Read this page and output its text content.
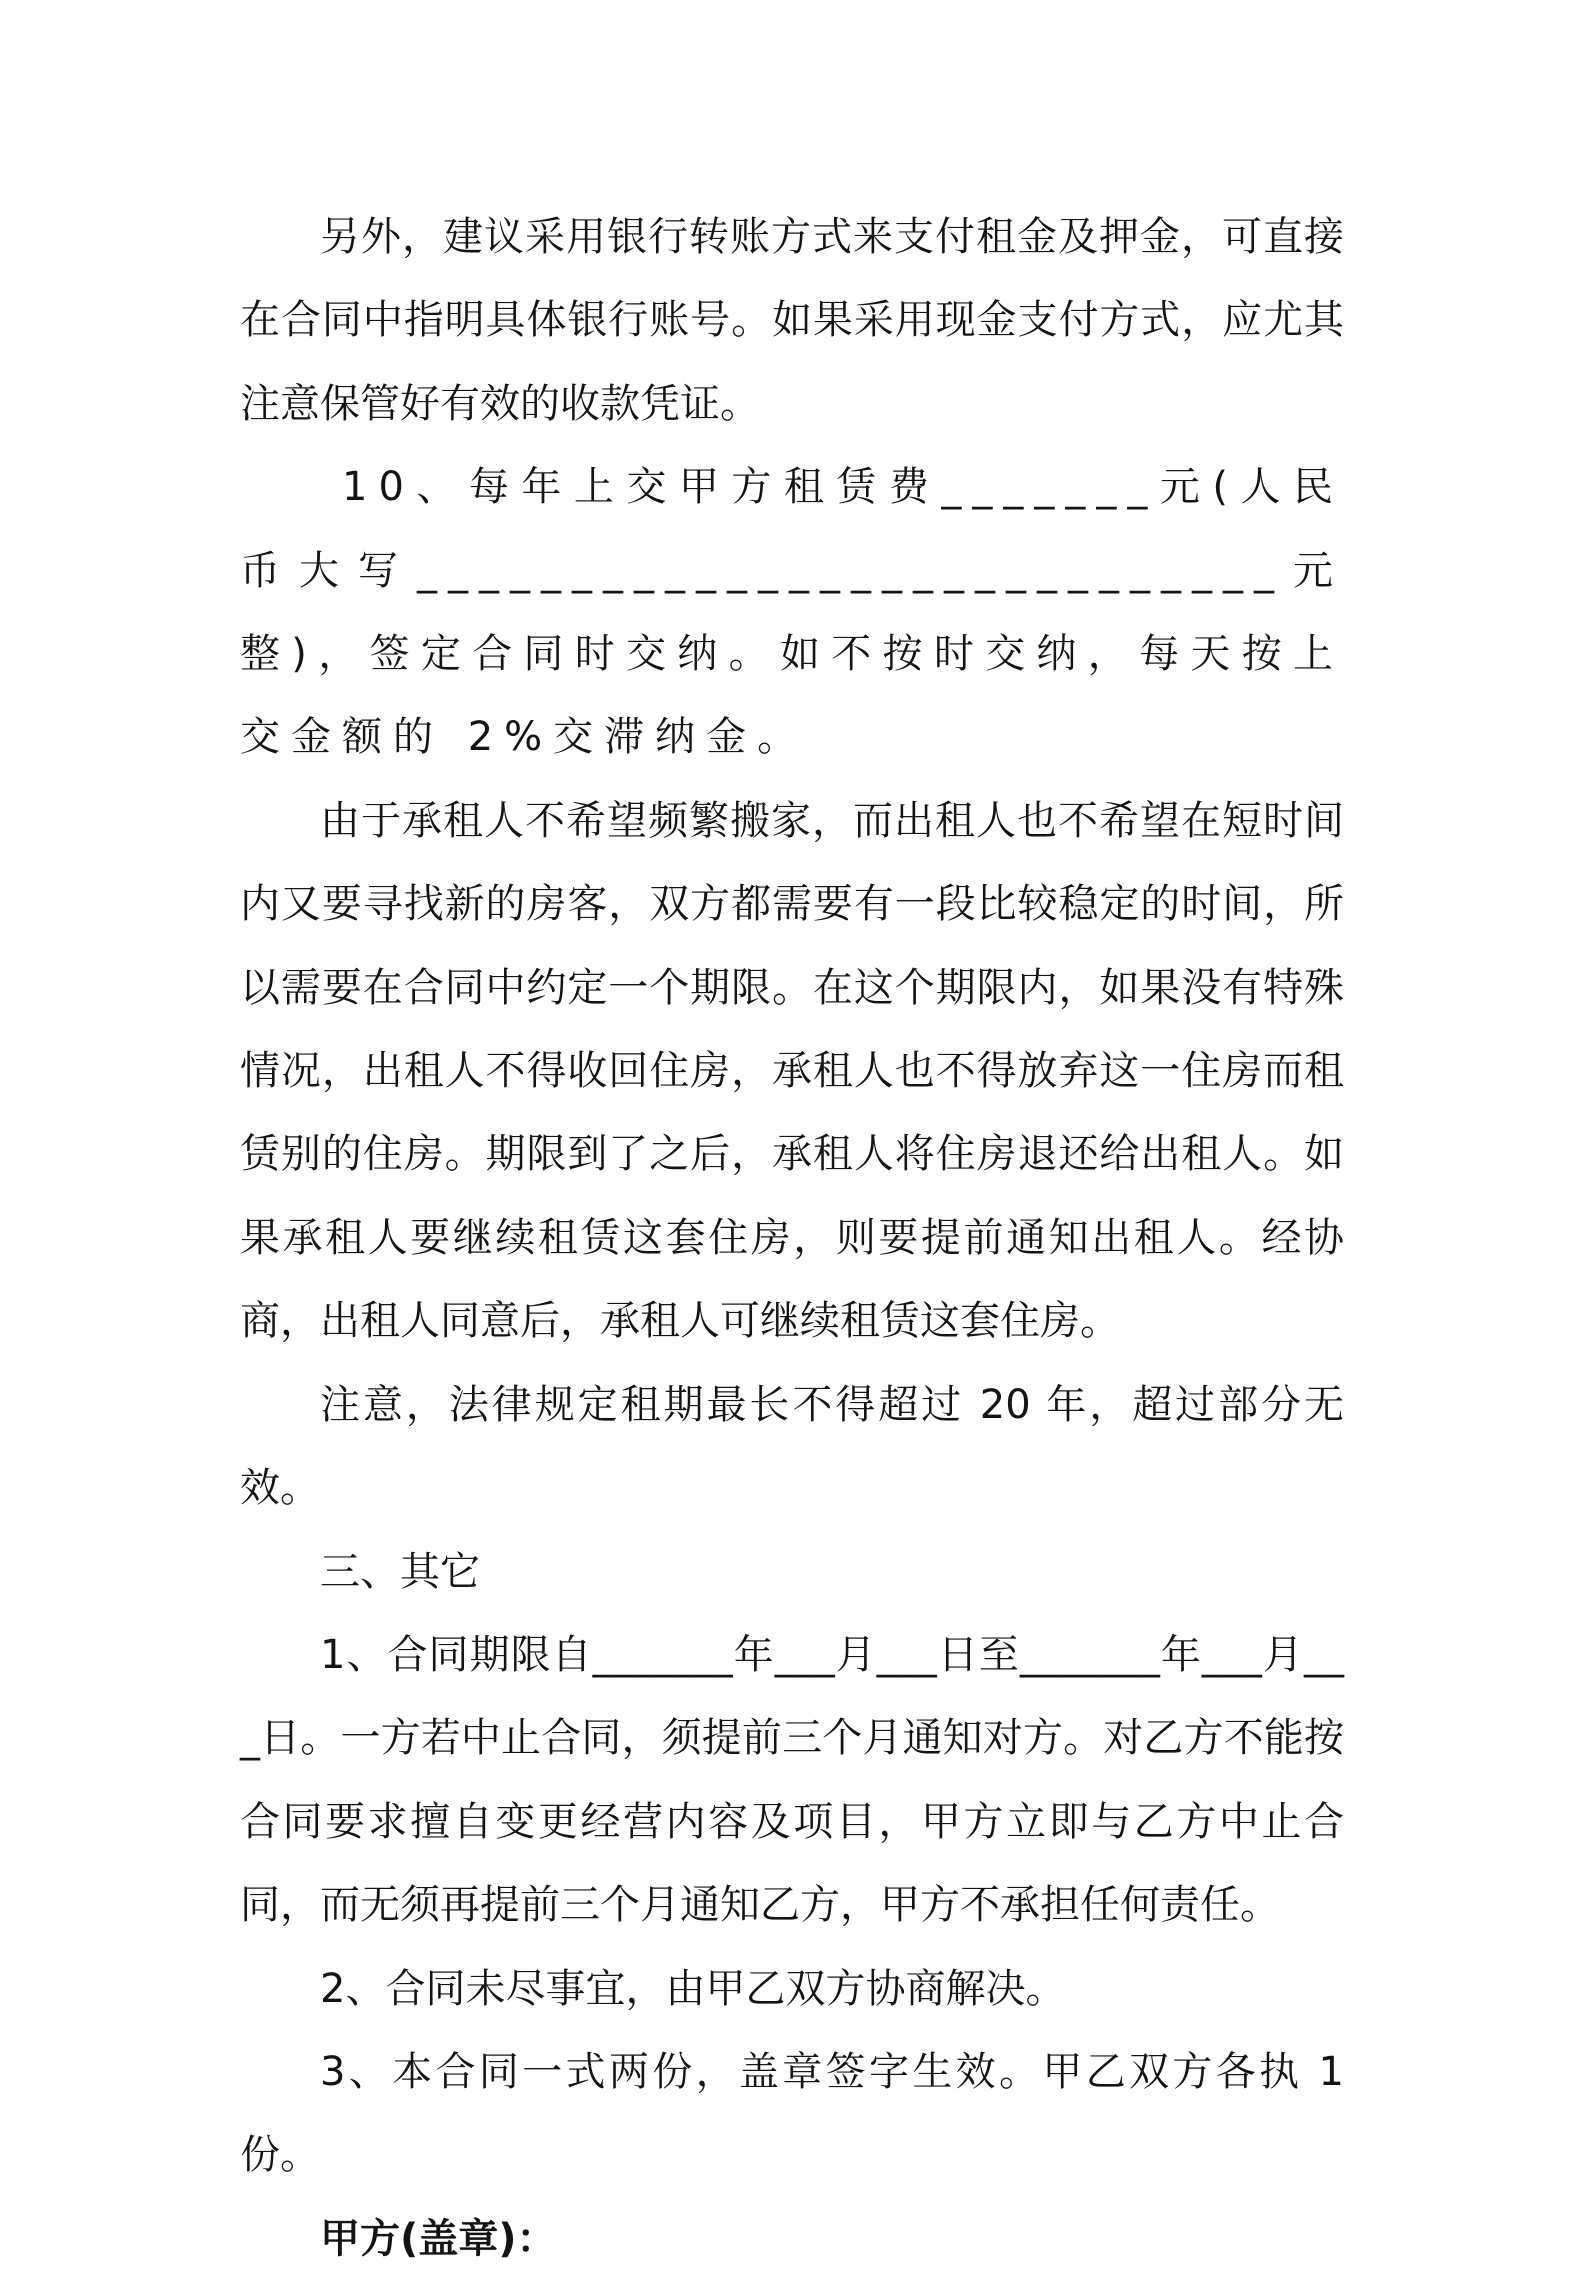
另外，建议采用银行转账方式来支付租金及押金，可直接在合同中指明具体银行账号。如果采用现金支付方式，应尤其注意保管好有效的收款凭证。

10、每年上交甲方租赁费_______元(人民币大写____________________________元整)，签定合同时交纳。如不按时交纳，每天按上交金额的 2%交滞纳金。

由于承租人不希望频繁搬家，而出租人也不希望在短时间内又要寻找新的房客，双方都需要有一段比较稳定的时间，所以需要在合同中约定一个期限。在这个期限内，如果没有特殊情况，出租人不得收回住房，承租人也不得放弃这一住房而租赁别的住房。期限到了之后，承租人将住房退还给出租人。如果承租人要继续租赁这套住房，则要提前通知出租人。经协商，出租人同意后，承租人可继续租赁这套住房。

注意，法律规定租期最长不得超过 20 年，超过部分无效。

三、其它

1、合同期限自_______年___月___日至_______年___月___日。一方若中止合同，须提前三个月通知对方。对乙方不能按合同要求擅自变更经营内容及项目，甲方立即与乙方中止合同，而无须再提前三个月通知乙方，甲方不承担任何责任。

2、合同未尽事宜，由甲乙双方协商解决。

3、本合同一式两份，盖章签字生效。甲乙双方各执 1 份。

甲方(盖章)：
